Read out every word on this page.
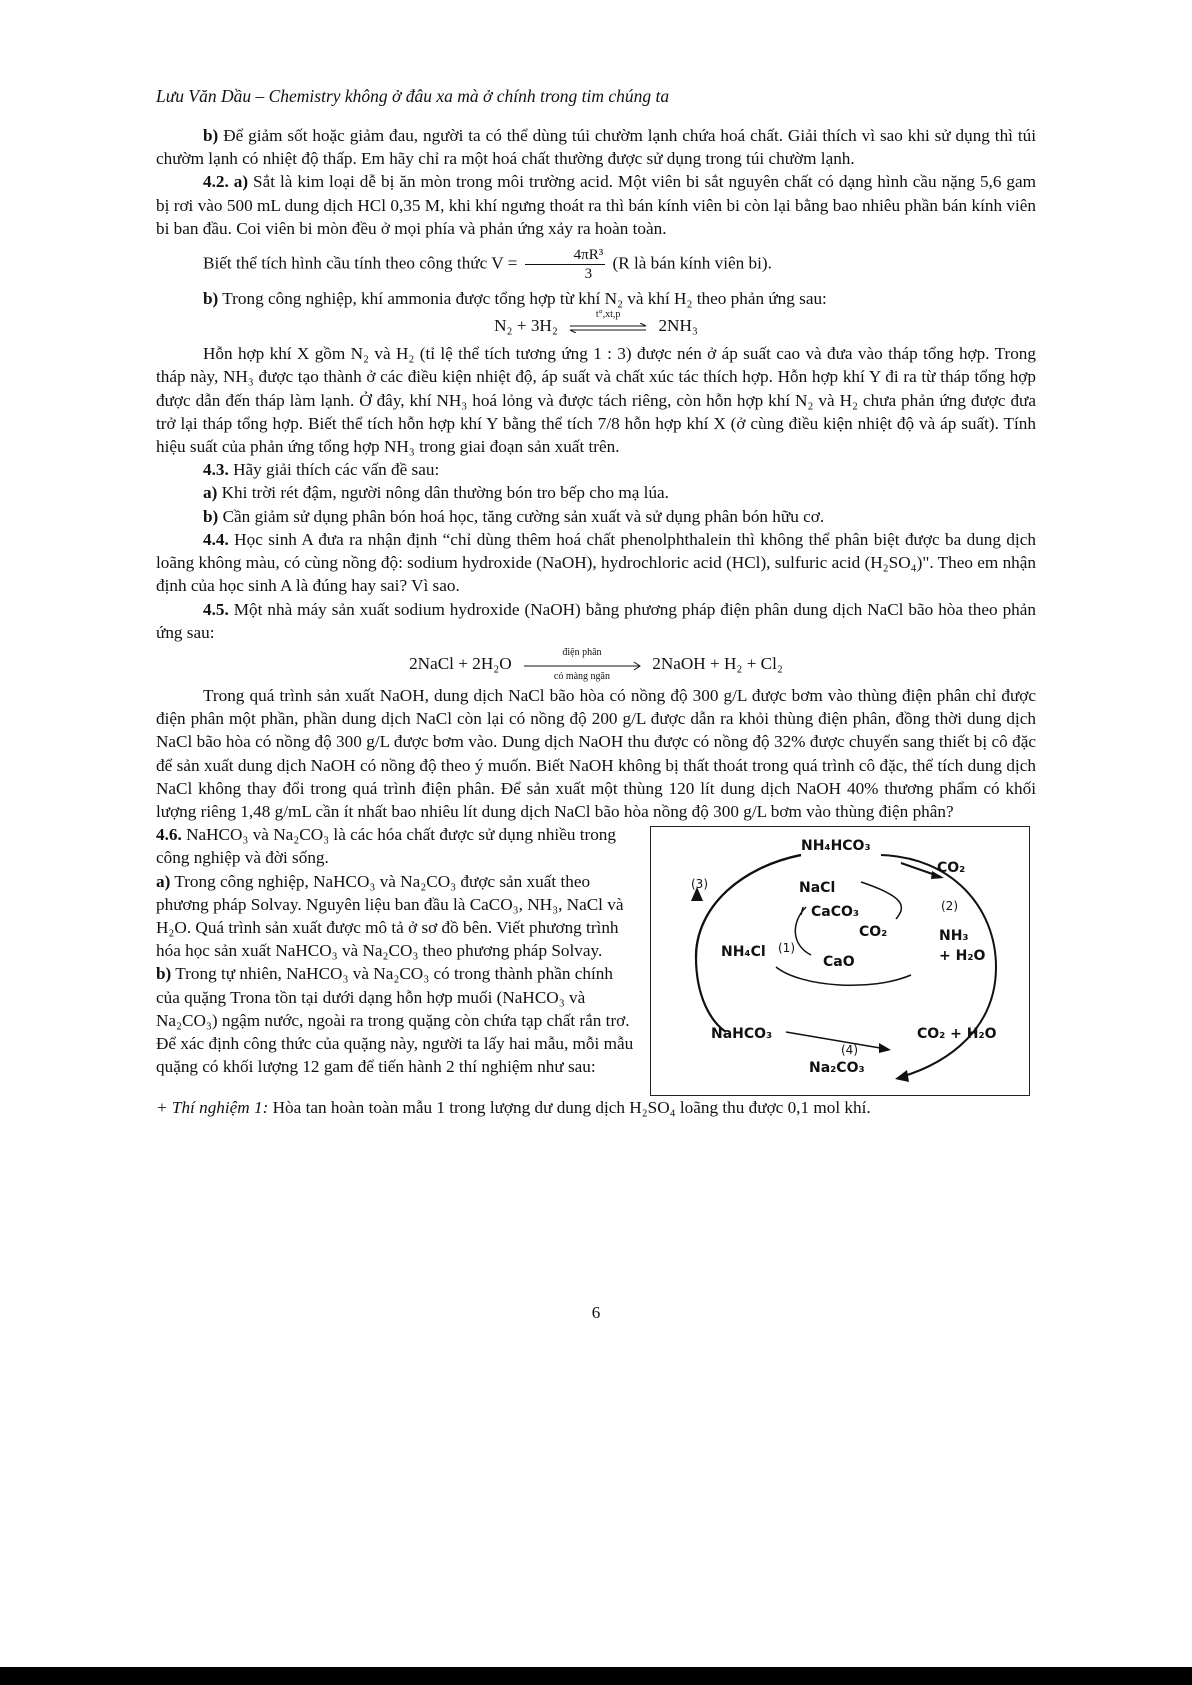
Lưu Văn Dầu – Chemistry không ở đâu xa mà ở chính trong tim chúng ta

b) Để giảm sốt hoặc giảm đau, người ta có thể dùng túi chườm lạnh chứa hoá chất. Giải thích vì sao khi sử dụng thì túi chườm lạnh có nhiệt độ thấp. Em hãy chỉ ra một hoá chất thường được sử dụng trong túi chườm lạnh.

4.2. a) Sắt là kim loại dễ bị ăn mòn trong môi trường acid. Một viên bi sắt nguyên chất có dạng hình cầu nặng 5,6 gam bị rơi vào 500 mL dung dịch HCl 0,35 M, khi khí ngưng thoát ra thì bán kính viên bi còn lại bằng bao nhiêu phần bán kính viên bi ban đầu. Coi viên bi mòn đều ở mọi phía và phản ứng xảy ra hoàn toàn.

Biết thể tích hình cầu tính theo công thức $V = \frac{\text{4πR³}}{3} (R$ là bán kính viên bi).

b) Trong công nghiệp, khí ammonia được tổng hợp từ khí N₂ và khí H₂ theo phản ứng sau:

N₂ + 3H₂
t°,xt,p
2NH₃

Hỗn hợp khí X gồm N₂ và H₂ (tỉ lệ thể tích tương ứng 1 : 3) được nén ở áp suất cao và đưa vào tháp tổng hợp. Trong tháp này, NH₃ được tạo thành ở các điều kiện nhiệt độ, áp suất và chất xúc tác thích hợp. Hỗn hợp khí Y đi ra từ tháp tổng hợp được dẫn đến tháp làm lạnh. Ở đây, khí NH₃ hoá lỏng và được tách riêng, còn hỗn hợp khí N₂ và H₂ chưa phản ứng được đưa trở lại tháp tổng hợp. Biết thể tích hỗn hợp khí Y bằng thể tích 7/8 hỗn hợp khí X (ở cùng điều kiện nhiệt độ và áp suất). Tính hiệu suất của phản ứng tổng hợp NH₃ trong giai đoạn sản xuất trên.

4.3. Hãy giải thích các vấn đề sau:

a) Khi trời rét đậm, người nông dân thường bón tro bếp cho mạ lúa.

b) Cần giảm sử dụng phân bón hoá học, tăng cường sản xuất và sử dụng phân bón hữu cơ.

4.4. Học sinh A đưa ra nhận định “chỉ dùng thêm hoá chất phenolphthalein thì không thể phân biệt được ba dung dịch loãng không màu, có cùng nồng độ: sodium hydroxide (NaOH), hydrochloric acid (HCl), sulfuric acid (H₂SO₄)". Theo em nhận định của học sinh A là đúng hay sai? Vì sao.

4.5. Một nhà máy sản xuất sodium hydroxide (NaOH) bằng phương pháp điện phân dung dịch NaCl bão hòa theo phản ứng sau:

2NaCl + 2H₂O
điện phân
có màng ngăn
2NaOH + H₂ + Cl₂

Trong quá trình sản xuất NaOH, dung dịch NaCl bão hòa có nồng độ 300 g/L được bơm vào thùng điện phân chỉ được điện phân một phần, phần dung dịch NaCl còn lại có nồng độ 200 g/L được dẫn ra khỏi thùng điện phân, đồng thời dung dịch NaCl bão hòa có nồng độ 300 g/L được bơm vào. Dung dịch NaOH thu được có nồng độ 32% được chuyển sang thiết bị cô đặc để sản xuất dung dịch NaOH có nồng độ theo ý muốn. Biết NaOH không bị thất thoát trong quá trình cô đặc, thể tích dung dịch NaCl không thay đổi trong quá trình điện phân. Để sản xuất một thùng 120 lít dung dịch NaOH 40% thương phẩm có khối lượng riêng 1,48 g/mL cần ít nhất bao nhiêu lít dung dịch NaCl bão hòa nồng độ 300 g/L bơm vào thùng điện phân?

4.6. NaHCO₃ và Na₂CO₃ là các hóa chất được sử dụng nhiều trong công nghiệp và đời sống.

a) Trong công nghiệp, NaHCO₃ và Na₂CO₃ được sản xuất theo phương pháp Solvay. Nguyên liệu ban đầu là CaCO₃, NH₃, NaCl và H₂O. Quá trình sản xuất được mô tả ở sơ đồ bên. Viết phương trình hóa học sản xuất NaHCO₃ và Na₂CO₃ theo phương pháp Solvay.

b) Trong tự nhiên, NaHCO₃ và Na₂CO₃ có trong thành phần chính của quặng Trona tồn tại dưới dạng hỗn hợp muối (NaHCO₃ và Na₂CO₃) ngậm nước, ngoài ra trong quặng còn chứa tạp chất rắn trơ. Để xác định công thức của quặng này, người ta lấy hai mẫu, mỗi mẫu quặng có khối lượng 12 gam để tiến hành 2 thí nghiệm như sau:

NH₄HCO₃
CO₂
(3)	NaCl
(2)
CaCO₃
CO₂	NH₃
NH₄Cl (1)
CaO	+ H₂O
NaHCO₃	CO₂ + H₂O
(4)
Na₂CO₃

+ Thí nghiệm 1: Hòa tan hoàn toàn mẫu 1 trong lượng dư dung dịch H₂SO₄ loãng thu được 0,1 mol khí.

6
